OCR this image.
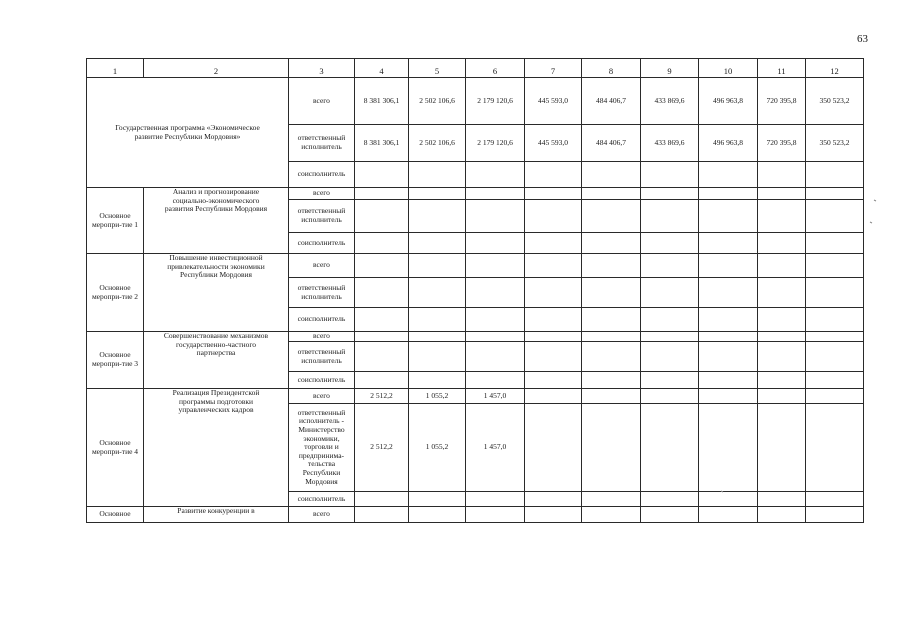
63
1	2	3	4	5	6	7	8	9	10	11	12
Государственная программа «Экономическое развитие Республики Мордовия»		всего	8 381 306,1	2 502 106,6	2 179 120,6	445 593,0	484 406,7	433 869,6	496 963,8	720 395,8	350 523,2
		ответственный исполнитель	8 381 306,1	2 502 106,6	2 179 120,6	445 593,0	484 406,7	433 869,6	496 963,8	720 395,8	350 523,2
		соисполнитель									
Основное меропри-тие 1	Анализ и прогнозирование социально-экономического развития Республики Мордовия	всего									
		ответственный исполнитель									
		соисполнитель									
Основное меропри-тие 2	Повышение инвестиционной привлекательности экономики Республики Мордовия	всего									
		ответственный исполнитель									
		соисполнитель									
Основное меропри-тие 3	Совершенствование механизмов государственно-частного партнерства	всего									
		ответственный исполнитель									
		соисполнитель									
Основное меропри-тие 4	Реализация Президентской программы подготовки управленческих кадров	всего	2 512,2	1 055,2	1 457,0						
		ответственный исполнитель - Министерство экономики, торговли и предпринима-тельства Республики Мордовия	2 512,2	1 055,2	1 457,0						
		соисполнитель									
Основное	Развитие конкуренции в	всего									
